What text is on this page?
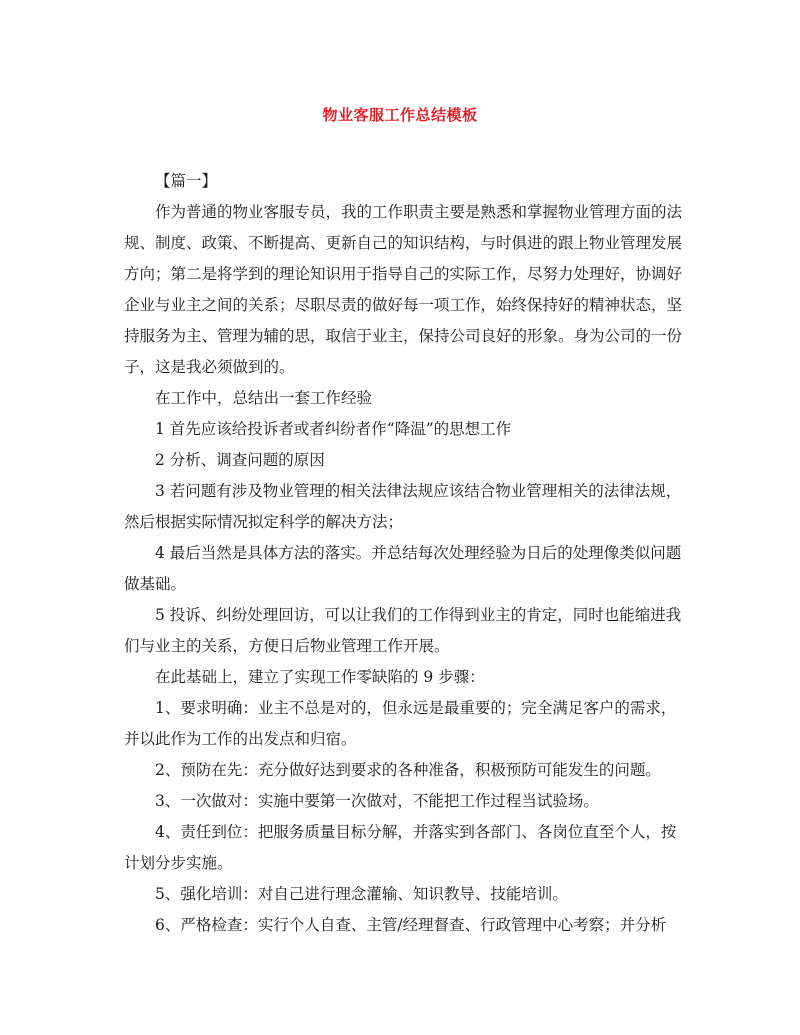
物业客服工作总结模板

【篇一】

作为普通的物业客服专员，我的工作职责主要是熟悉和掌握物业管理方面的法规、制度、政策、不断提高、更新自己的知识结构，与时俱进的跟上物业管理发展方向；第二是将学到的理论知识用于指导自己的实际工作，尽努力处理好，协调好企业与业主之间的关系；尽职尽责的做好每一项工作，始终保持好的精神状态，坚持服务为主、管理为辅的思，取信于业主，保持公司良好的形象。身为公司的一份子，这是我必须做到的。

在工作中，总结出一套工作经验

1 首先应该给投诉者或者纠纷者作“降温”的思想工作

2 分析、调查问题的原因

3 若问题有涉及物业管理的相关法律法规应该结合物业管理相关的法律法规，然后根据实际情况拟定科学的解决方法；

4 最后当然是具体方法的落实。并总结每次处理经验为日后的处理像类似问题做基础。

5 投诉、纠纷处理回访，可以让我们的工作得到业主的肯定，同时也能缩进我们与业主的关系，方便日后物业管理工作开展。

在此基础上，建立了实现工作零缺陷的 9 步骤：

1、要求明确：业主不总是对的，但永远是最重要的；完全满足客户的需求，并以此作为工作的出发点和归宿。

2、预防在先：充分做好达到要求的各种准备，积极预防可能发生的问题。

3、一次做对：实施中要第一次做对，不能把工作过程当试验场。

4、责任到位：把服务质量目标分解，并落实到各部门、各岗位直至个人，按计划分步实施。

5、强化培训：对自己进行理念灌输、知识教导、技能培训。

6、严格检查：实行个人自查、主管/经理督查、行政管理中心考察；并分析
